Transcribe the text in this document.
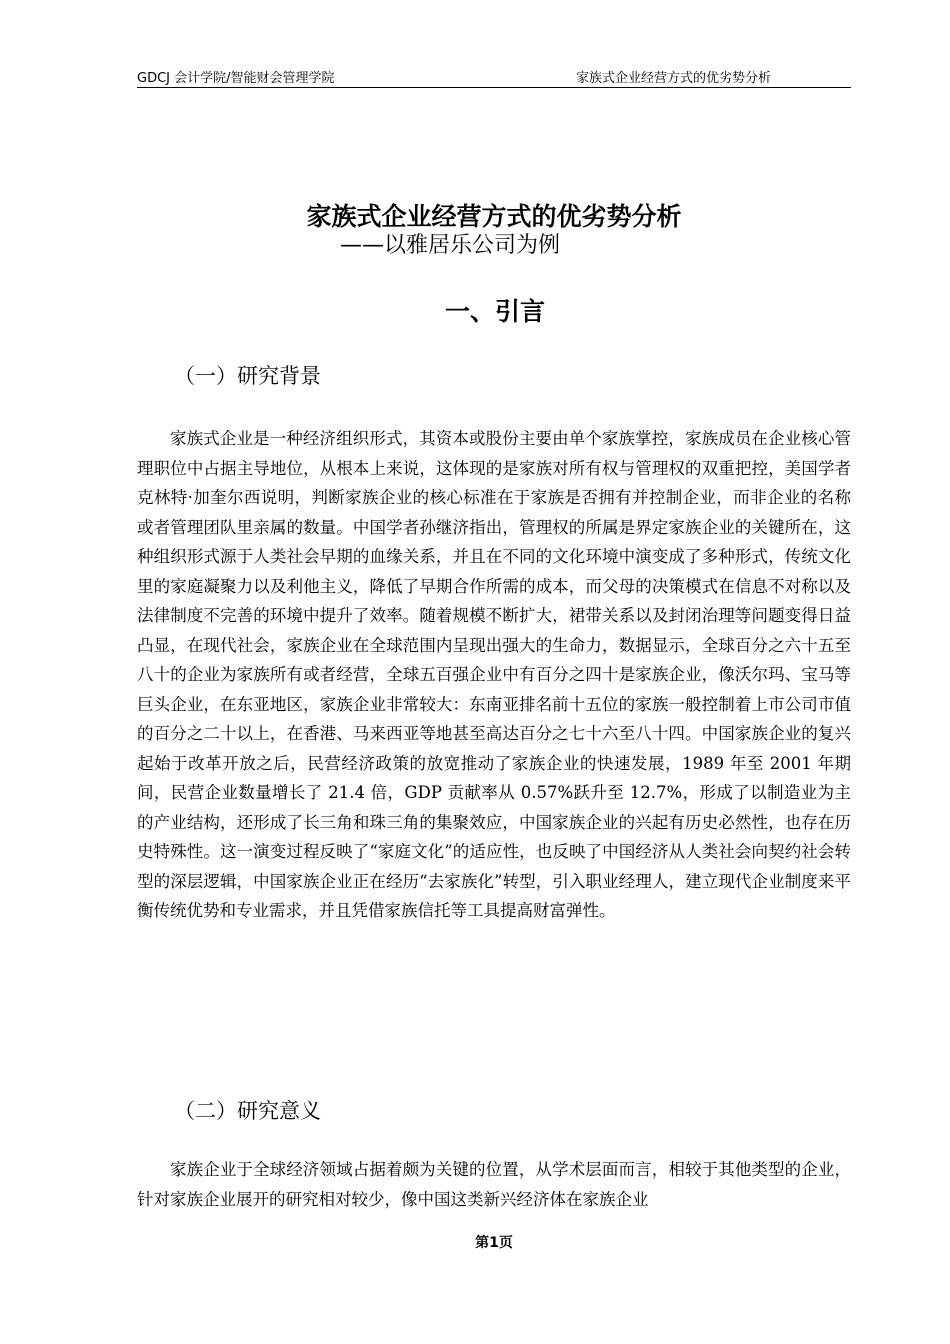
GDCJ 会计学院/智能财会管理学院	家族式企业经营方式的优劣势分析
家族式企业经营方式的优劣势分析
——以雅居乐公司为例
一、引言
（一）研究背景

家族式企业是一种经济组织形式，其资本或股份主要由单个家族掌控，家族成员在企业核心管理职位中占据主导地位，从根本上来说，这体现的是家族对所有权与管理权的双重把控，美国学者克林特·加奎尔西说明，判断家族企业的核心标准在于家族是否拥有并控制企业，而非企业的名称或者管理团队里亲属的数量。中国学者孙继济指出，管理权的所属是界定家族企业的关键所在，这种组织形式源于人类社会早期的血缘关系，并且在不同的文化环境中演变成了多种形式，传统文化里的家庭凝聚力以及利他主义，降低了早期合作所需的成本，而父母的决策模式在信息不对称以及法律制度不完善的环境中提升了效率。随着规模不断扩大，裙带关系以及封闭治理等问题变得日益凸显，在现代社会，家族企业在全球范围内呈现出强大的生命力，数据显示，全球百分之六十五至八十的企业为家族所有或者经营，全球五百强企业中有百分之四十是家族企业，像沃尔玛、宝马等巨头企业，在东亚地区，家族企业非常较大：东南亚排名前十五位的家族一般控制着上市公司市值的百分之二十以上，在香港、马来西亚等地甚至高达百分之七十六至八十四。中国家族企业的复兴起始于改革开放之后，民营经济政策的放宽推动了家族企业的快速发展，1989 年至 2001 年期间，民营企业数量增长了 21.4 倍，GDP 贡献率从 0.57%跃升至 12.7%，形成了以制造业为主的产业结构，还形成了长三角和珠三角的集聚效应，中国家族企业的兴起有历史必然性，也存在历史特殊性。这一演变过程反映了“家庭文化”的适应性，也反映了中国经济从人类社会向契约社会转型的深层逻辑，中国家族企业正在经历“去家族化”转型，引入职业经理人，建立现代企业制度来平衡传统优势和专业需求，并且凭借家族信托等工具提高财富弹性。

（二）研究意义

家族企业于全球经济领域占据着颇为关键的位置，从学术层面而言，相较于其他类型的企业，针对家族企业展开的研究相对较少，像中国这类新兴经济体在家族企业

第1页
